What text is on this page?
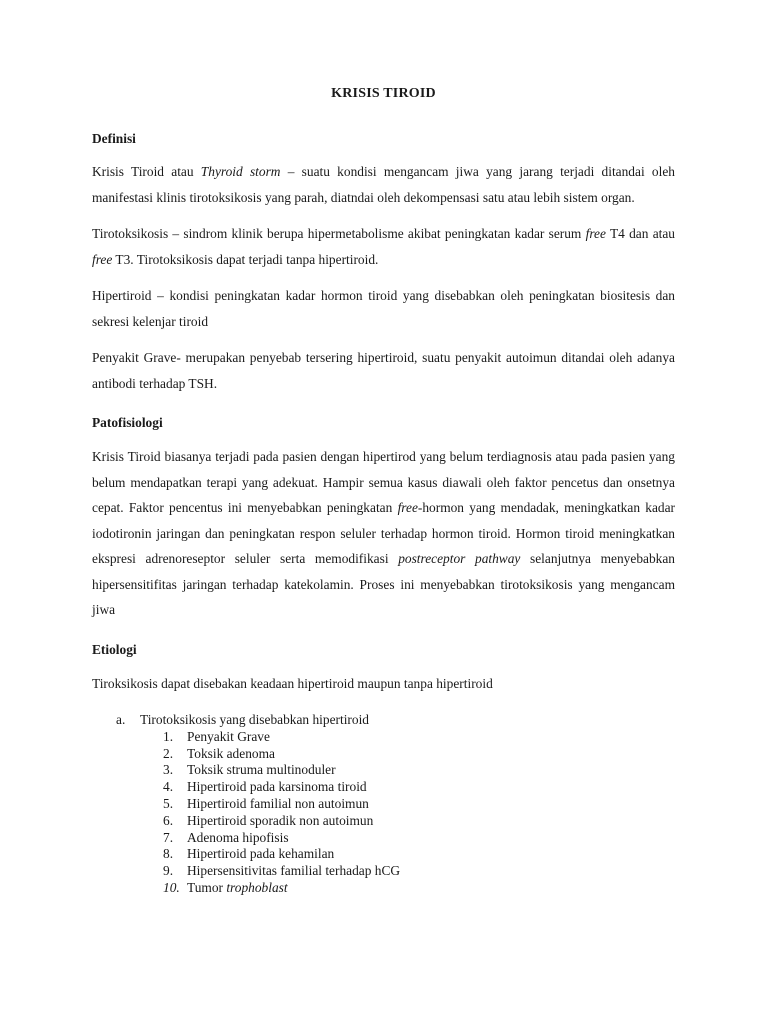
KRISIS TIROID
Definisi

Krisis Tiroid atau Thyroid storm – suatu kondisi mengancam jiwa yang jarang terjadi ditandai oleh manifestasi klinis tirotoksikosis yang parah, diatndai oleh dekompensasi satu atau lebih sistem organ.

Tirotoksikosis – sindrom klinik berupa hipermetabolisme akibat peningkatan kadar serum free T4 dan atau free T3. Tirotoksikosis dapat terjadi tanpa hipertiroid.

Hipertiroid – kondisi peningkatan kadar hormon tiroid yang disebabkan oleh peningkatan biositesis dan sekresi kelenjar tiroid

Penyakit Grave- merupakan penyebab tersering hipertiroid, suatu penyakit autoimun ditandai oleh adanya antibodi terhadap TSH.

Patofisiologi

Krisis Tiroid biasanya terjadi pada pasien dengan hipertirod yang belum terdiagnosis atau pada pasien yang belum mendapatkan terapi yang adekuat. Hampir semua kasus diawali oleh faktor pencetus dan onsetnya cepat. Faktor pencentus ini menyebabkan peningkatan free-hormon yang mendadak, meningkatkan kadar iodotironin jaringan dan peningkatan respon seluler terhadap hormon tiroid. Hormon tiroid meningkatkan ekspresi adrenoreseptor seluler serta memodifikasi postreceptor pathway selanjutnya menyebabkan hipersensitifitas jaringan terhadap katekolamin. Proses ini menyebabkan tirotoksikosis yang mengancam jiwa

Etiologi

Tiroksikosis dapat disebakan keadaan hipertiroid maupun tanpa hipertiroid

a.	Tirotoksikosis yang disebabkan hipertiroid
1.	Penyakit Grave
2.	Toksik adenoma
3.	Toksik struma multinoduler
4.	Hipertiroid pada karsinoma tiroid
5.	Hipertiroid familial non autoimun
6.	Hipertiroid sporadik non autoimun
7.	Adenoma hipofisis
8.	Hipertiroid pada kehamilan
9.	Hipersensitivitas familial terhadap hCG
10. Tumor trophoblast
